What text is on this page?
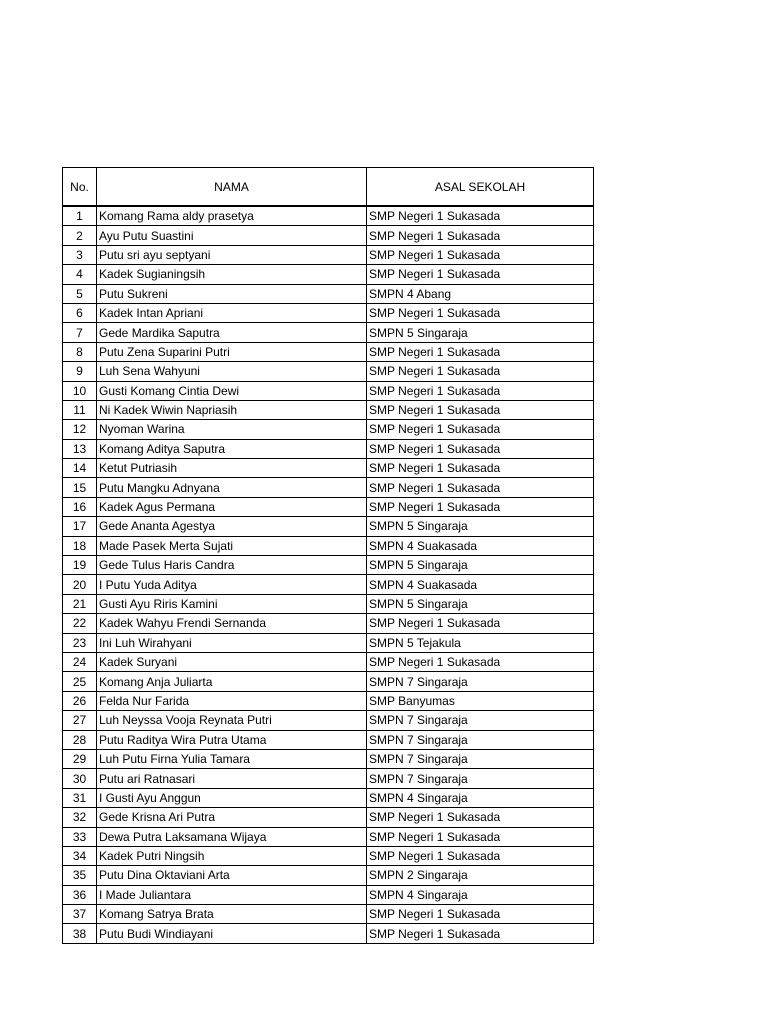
No.	NAMA	ASAL SEKOLAH
1	Komang Rama aldy prasetya	SMP Negeri 1 Sukasada
2	Ayu Putu Suastini	SMP Negeri 1 Sukasada
3	Putu sri ayu septyani	SMP Negeri 1 Sukasada
4	Kadek Sugianingsih	SMP Negeri 1 Sukasada
5	Putu Sukreni	SMPN 4 Abang
6	Kadek Intan Apriani	SMP Negeri 1 Sukasada
7	Gede Mardika Saputra	SMPN 5 Singaraja
8	Putu Zena Suparini Putri	SMP Negeri 1 Sukasada
9	Luh Sena Wahyuni	SMP Negeri 1 Sukasada
10	Gusti Komang Cintia Dewi	SMP Negeri 1 Sukasada
11	Ni Kadek Wiwin Napriasih	SMP Negeri 1 Sukasada
12	Nyoman Warina	SMP Negeri 1 Sukasada
13	Komang Aditya Saputra	SMP Negeri 1 Sukasada
14	Ketut Putriasih	SMP Negeri 1 Sukasada
15	Putu Mangku Adnyana	SMP Negeri 1 Sukasada
16	Kadek Agus Permana	SMP Negeri 1 Sukasada
17	Gede Ananta Agestya	SMPN 5 Singaraja
18	Made Pasek Merta Sujati	SMPN 4 Suakasada
19	Gede Tulus Haris Candra	SMPN 5 Singaraja
20	I Putu Yuda Aditya	SMPN 4 Suakasada
21	Gusti Ayu Riris Kamini	SMPN 5 Singaraja
22	Kadek Wahyu Frendi Sernanda	SMP Negeri 1 Sukasada
23	Ini Luh Wirahyani	SMPN 5 Tejakula
24	Kadek Suryani	SMP Negeri 1 Sukasada
25	Komang Anja Juliarta	SMPN 7 Singaraja
26	Felda Nur Farida	SMP Banyumas
27	Luh Neyssa Vooja Reynata Putri	SMPN 7 Singaraja
28	Putu Raditya Wira Putra Utama	SMPN 7 Singaraja
29	Luh Putu Firna Yulia Tamara	SMPN 7 Singaraja
30	Putu ari Ratnasari	SMPN 7 Singaraja
31	I Gusti Ayu Anggun	SMPN 4 Singaraja
32	Gede Krisna Ari Putra	SMP Negeri 1 Sukasada
33	Dewa Putra Laksamana Wijaya	SMP Negeri 1 Sukasada
34	Kadek Putri Ningsih	SMP Negeri 1 Sukasada
35	Putu Dina Oktaviani Arta	SMPN 2 Singaraja
36	I Made Juliantara	SMPN 4 Singaraja
37	Komang Satrya Brata	SMP Negeri 1 Sukasada
38	Putu Budi Windiayani	SMP Negeri 1 Sukasada
